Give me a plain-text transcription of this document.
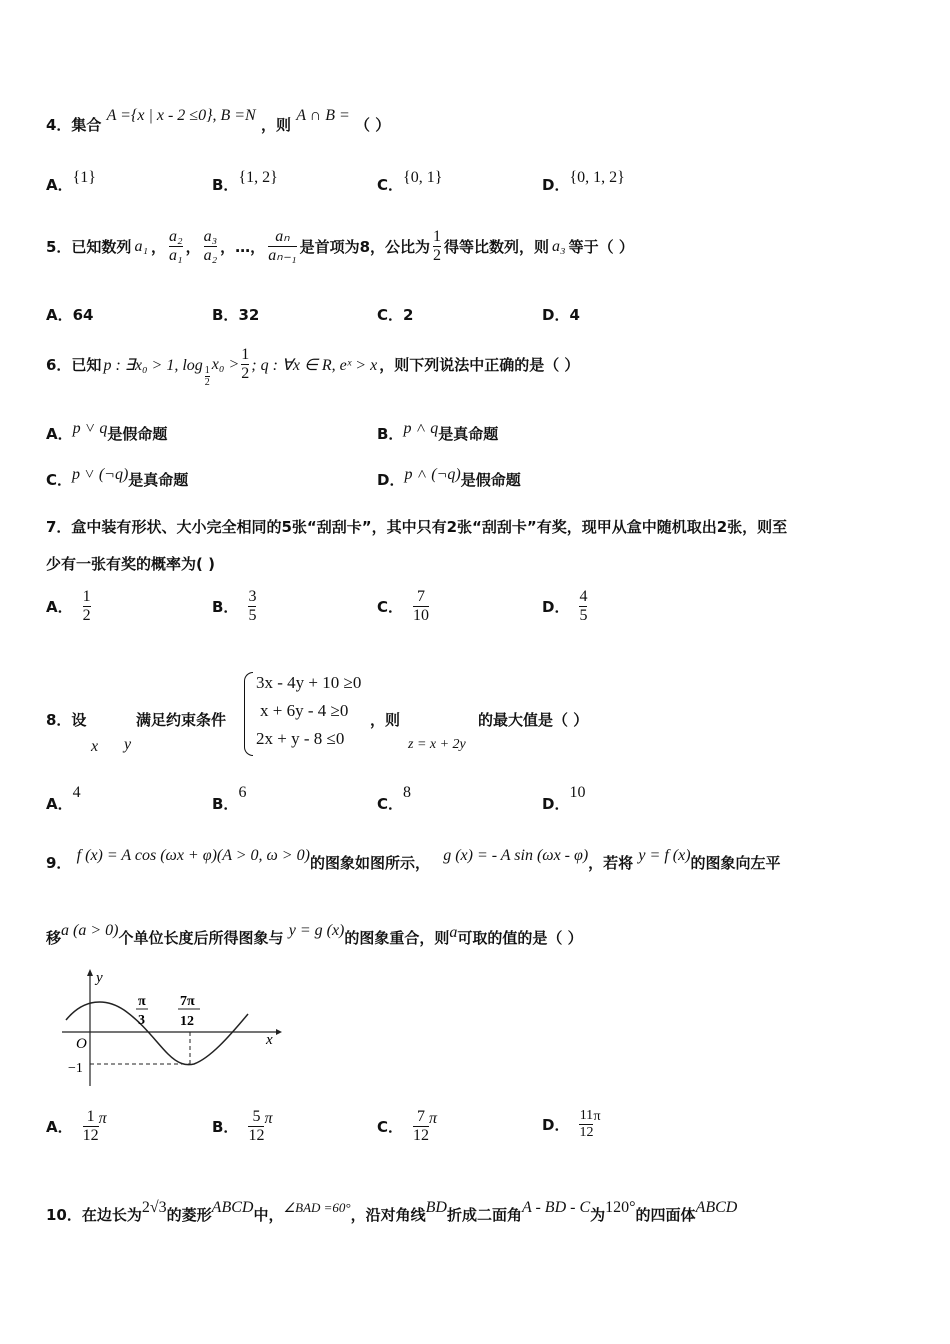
4．集合 A ={x | x - 2 ≤0}, B =N ，则 A ∩ B = （ ）
A．{1}	B．{1, 2}	C．{0, 1}	D．{0, 1, 2}
5．已知数列 a₁ ， $\frac{\text{a₂}}{\text{a₁}}$ ， $\frac{\text{a₃}}{\text{a₂}}$ ，…， $\frac{\text{aₙ}}{\text{aₙ₋₁}}$ 是首项为8，公比为 $\frac{1}{2}$ 得等比数列，则 a₃ 等于（ ）
A．64	B．32	C．2	D．4
6．已知 p : ∃x₀ > 1, $\log \frac{1}{2}$
$x_0 > \frac{1}{2}$ ; q : ∀x ∈ R, eˣ > x ，则下列说法中正确的是（ ）
A．p ˅ q是假命题	B．p ˄ q是真命题
C．p ˅ (¬q)是真命题	D．p ˄ (¬q)是假命题
7．盒中装有形状、大小完全相同的5张“刮刮卡”，其中只有2张“刮刮卡”有奖，现甲从盒中随机取出2张，则至
少有一张有奖的概率为( )
A． $\frac{1}{2}$	B． $\frac{3}{5}$	C． $\frac{7}{10}$	D． $\frac{4}{5}$
8．设
x y
满足约束条件
3x - 4y + 10 ≥0
x + 6y - 4 ≥0
2x + y - 8 ≤0
，则
z = x + 2y
的最大值是（ ）
A．4
B．6
C．8
D．10
9． f (x) = A cos (ωx + φ)(A > 0, ω > 0)的图象如图所示， g (x) = - A sin (ωx - φ)，若将 y = f (x)的图象向左平
移a (a > 0)个单位长度后所得图象与 y = g (x)的图象重合，则a可取的值的是（ ）
y
x
O
−1
π
3
7π
12
A． $\frac{1}{12}$ π	B． $\frac{5}{12}$ π	C． $\frac{7}{12}$ π	D． $\frac{11}{12}$ π
10．在边长为2√3的菱形ABCD中，∠BAD =60°，沿对角线BD折成二面角A - BD - C为120°的四面体ABCD
